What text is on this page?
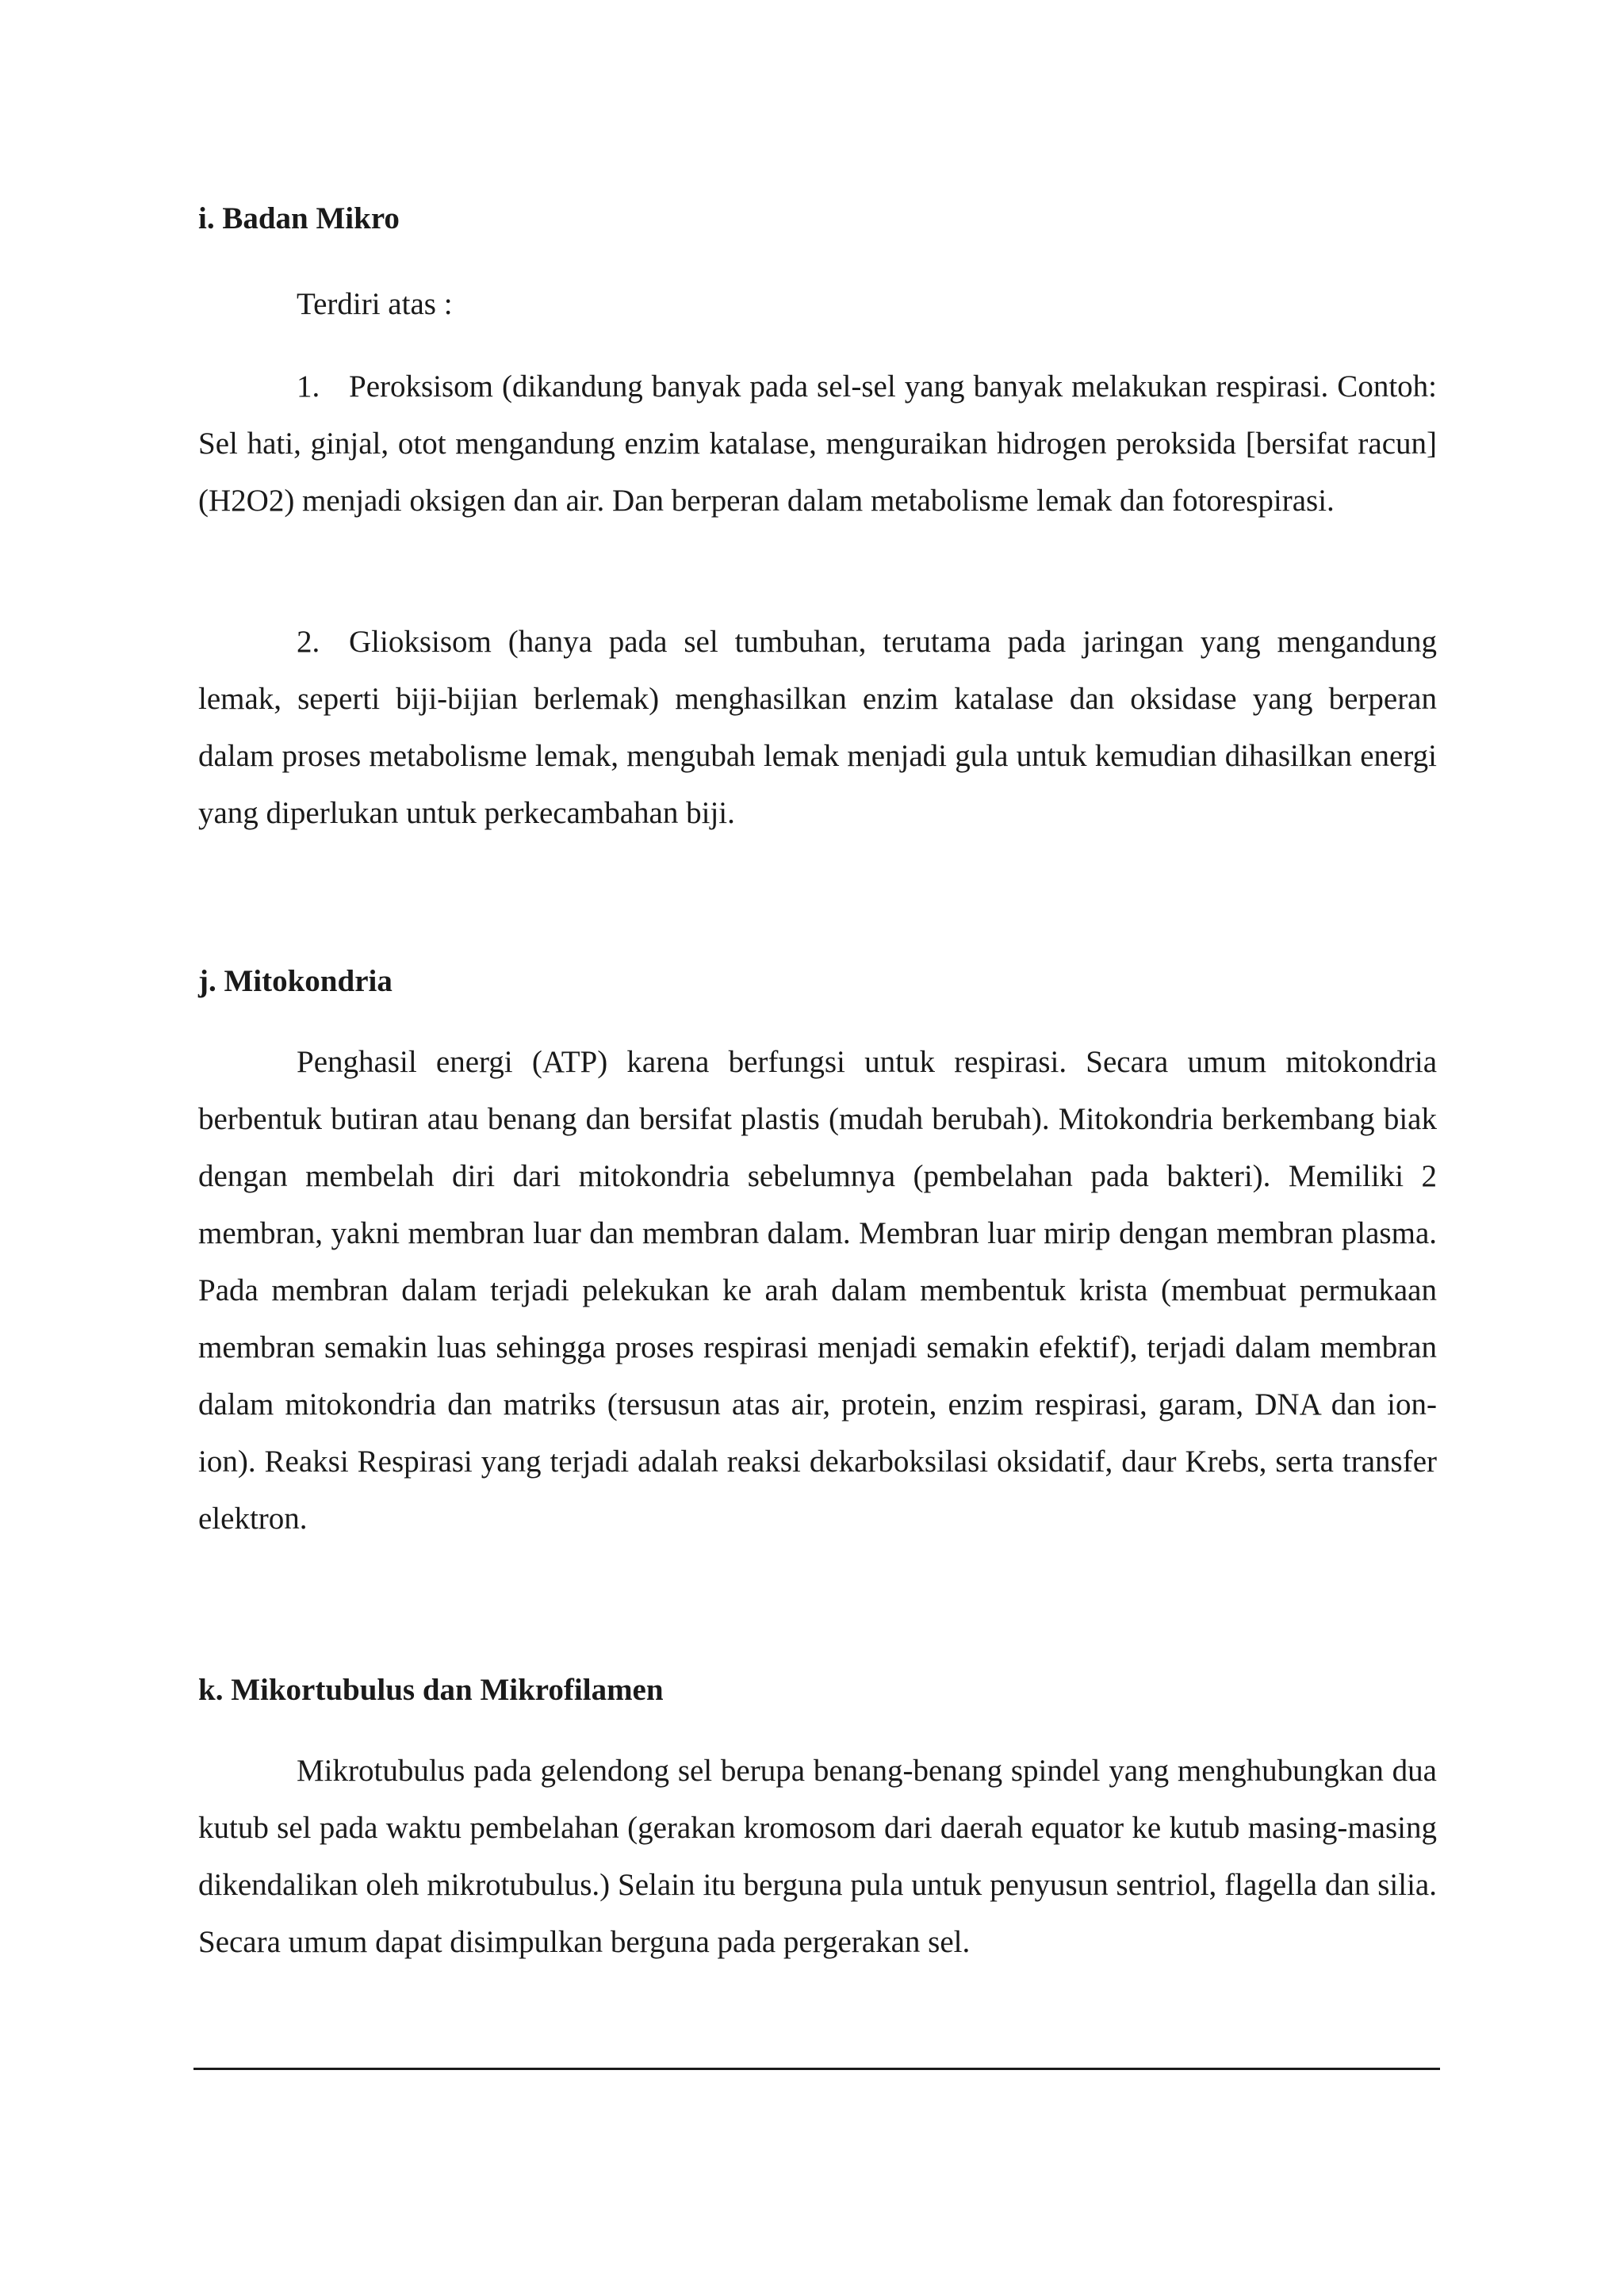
i. Badan Mikro
Terdiri atas :
1. Peroksisom (dikandung banyak pada sel-sel yang banyak melakukan respirasi. Contoh: Sel hati, ginjal, otot mengandung enzim katalase, menguraikan hidrogen peroksida [bersifat racun] (H2O2) menjadi oksigen dan air. Dan berperan dalam metabolisme lemak dan fotorespirasi.
2. Glioksisom (hanya pada sel tumbuhan, terutama pada jaringan yang mengandung lemak, seperti biji-bijian berlemak) menghasilkan enzim katalase dan oksidase yang berperan dalam proses metabolisme lemak, mengubah lemak menjadi gula untuk kemudian dihasilkan energi yang diperlukan untuk perkecambahan biji.
j. Mitokondria
Penghasil energi (ATP) karena berfungsi untuk respirasi. Secara umum mitokondria berbentuk butiran atau benang dan bersifat plastis (mudah berubah). Mitokondria berkembang biak dengan membelah diri dari mitokondria sebelumnya (pembelahan pada bakteri). Memiliki 2 membran, yakni membran luar dan membran dalam. Membran luar mirip dengan membran plasma. Pada membran dalam terjadi pelekukan ke arah dalam membentuk krista (membuat permukaan membran semakin luas sehingga proses respirasi menjadi semakin efektif), terjadi dalam membran dalam mitokondria dan matriks (tersusun atas air, protein, enzim respirasi, garam, DNA dan ion-ion). Reaksi Respirasi yang terjadi adalah reaksi dekarboksilasi oksidatif, daur Krebs, serta transfer elektron.
k. Mikortubulus dan Mikrofilamen
Mikrotubulus pada gelendong sel berupa benang-benang spindel yang menghubungkan dua kutub sel pada waktu pembelahan (gerakan kromosom dari daerah equator ke kutub masing-masing dikendalikan oleh mikrotubulus.) Selain itu berguna pula untuk penyusun sentriol, flagella dan silia. Secara umum dapat disimpulkan berguna pada pergerakan sel.
